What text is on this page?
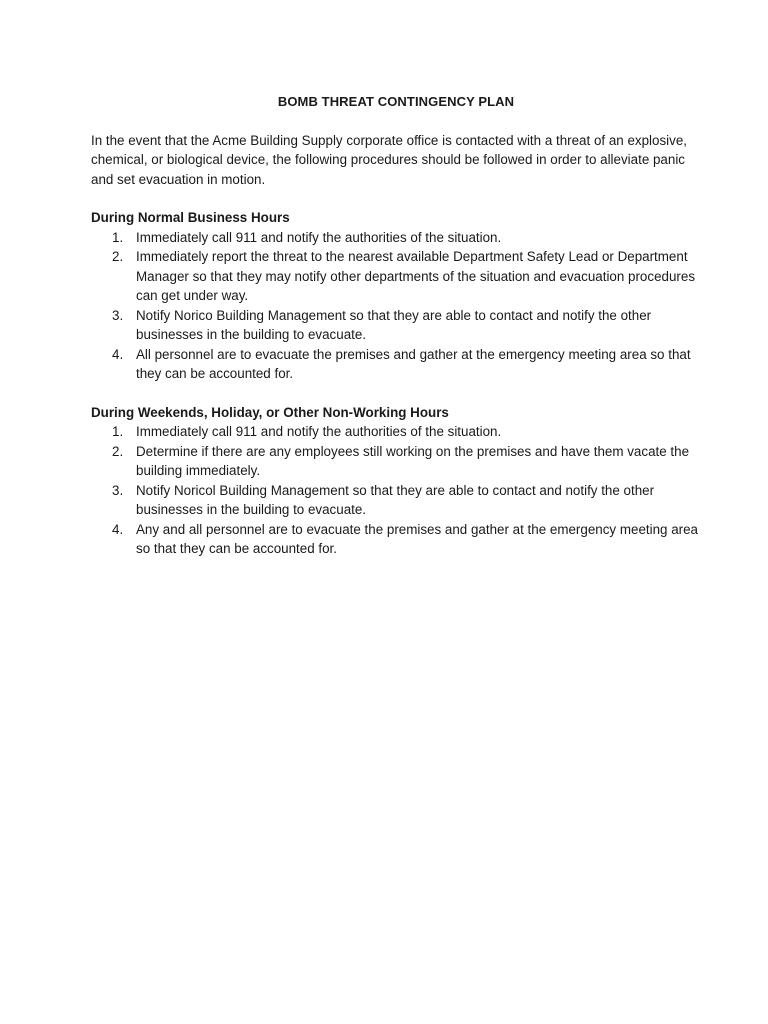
BOMB THREAT CONTINGENCY PLAN

In the event that the Acme Building Supply corporate office is contacted with a threat of an explosive, chemical, or biological device, the following procedures should be followed in order to alleviate panic and set evacuation in motion.

During Normal Business Hours

1. Immediately call 911 and notify the authorities of the situation.
2. Immediately report the threat to the nearest available Department Safety Lead or Department Manager so that they may notify other departments of the situation and evacuation procedures can get under way.
3. Notify Norico Building Management so that they are able to contact and notify the other businesses in the building to evacuate.
4. All personnel are to evacuate the premises and gather at the emergency meeting area so that they can be accounted for.

During Weekends, Holiday, or Other Non-Working Hours

1. Immediately call 911 and notify the authorities of the situation.
2. Determine if there are any employees still working on the premises and have them vacate the building immediately.
3. Notify Noricol Building Management so that they are able to contact and notify the other businesses in the building to evacuate.
4. Any and all personnel are to evacuate the premises and gather at the emergency meeting area so that they can be accounted for.
